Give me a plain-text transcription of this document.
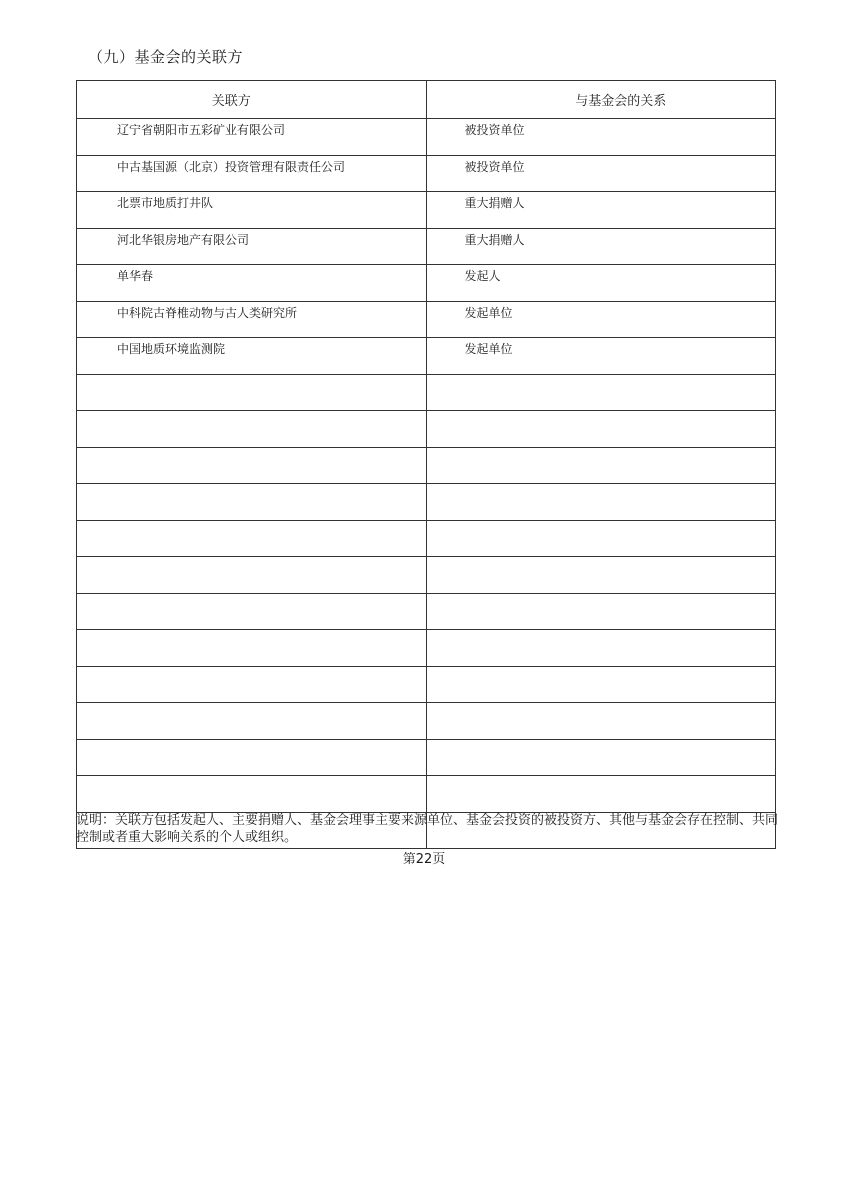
（九）基金会的关联方
关联方	与基金会的关系
辽宁省朝阳市五彩矿业有限公司	被投资单位
中古基国源（北京）投资管理有限责任公司	被投资单位
北票市地质打井队	重大捐赠人
河北华银房地产有限公司	重大捐赠人
单华春	发起人
中科院古脊椎动物与古人类研究所	发起单位
中国地质环境监测院	发起单位

说明：关联方包括发起人、主要捐赠人、基金会理事主要来源单位、基金会投资的被投资方、其他与基金会存在控制、共同控制或者重大影响关系的个人或组织。
第22页
